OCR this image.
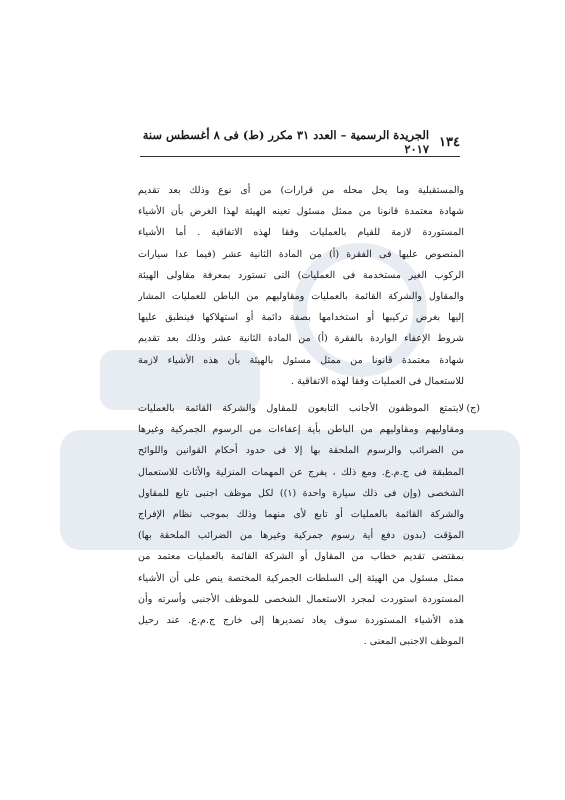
١٣٤
الجريدة الرسمية – العدد ٣١ مكرر (ط) فى ٨ أغسطس سنة ٢٠١٧
والمستقبلية وما يحل محله من قرارات) من أى نوع وذلك بعد تقديم
شهادة معتمدة قانونا من ممثل مسئول تعينه الهيئة لهذا الغرض بأن الأشياء
المستوردة لازمة للقيام بالعمليات وفقا لهذه الاتفاقية . أما الأشياء
المنصوص عليها فى الفقرة (أ) من المادة الثانية عشر (فيما عدا سيارات
الركوب الغير مستخدمة فى العمليات) التى تستورد بمعرفة مقاولى الهيئة
والمقاول والشركة القائمة بالعمليات ومقاوليهم من الباطن للعمليات المشار
إليها بغرض تركيبها أو استخدامها بصفة دائمة أو استهلاكها فينطبق عليها
شروط الإعفاء الواردة بالفقرة (أ) من المادة الثانية عشر وذلك بعد تقديم
شهادة معتمدة قانونا من ممثل مسئول بالهيئة بأن هذه الأشياء لازمة
للاستعمال فى العمليات وفقا لهذه الاتفاقية .
(ج)
لايتمتع الموظفون الأجانب التابعون للمقاول والشركة القائمة بالعمليات
ومقاوليهم ومقاوليهم من الباطن بأية إعفاءات من الرسوم الجمركية وغيرها
من الضرائب والرسوم الملحقة بها إلا فى حدود أحكام القوانين واللوائح
المطبقة فى ج.م.ع. ومع ذلك ، يفرج عن المهمات المنزلية والأثاث للاستعمال
الشخصى (وإن فى ذلك سيارة واحدة (١)) لكل موظف اجنبى تابع للمقاول
والشركة القائمة بالعمليات أو تابع لأى منهما وذلك بموجب نظام الإفراج
المؤقت (بدون دفع أية رسوم جمركية وغيرها من الضرائب الملحقة بها)
بمقتضى تقديم خطاب من المقاول أو الشركة القائمة بالعمليات معتمد من
ممثل مسئول من الهيئة إلى السلطات الجمركية المختصة ينص على أن الأشياء
المستوردة استوردت لمجرد الاستعمال الشخصى للموظف الأجنبى وأسرته وأن
هذه الأشياء المستوردة سوف يعاد تصديرها إلى خارج ج.م.ع. عند رحيل
الموظف الاجنبى المعنى .
